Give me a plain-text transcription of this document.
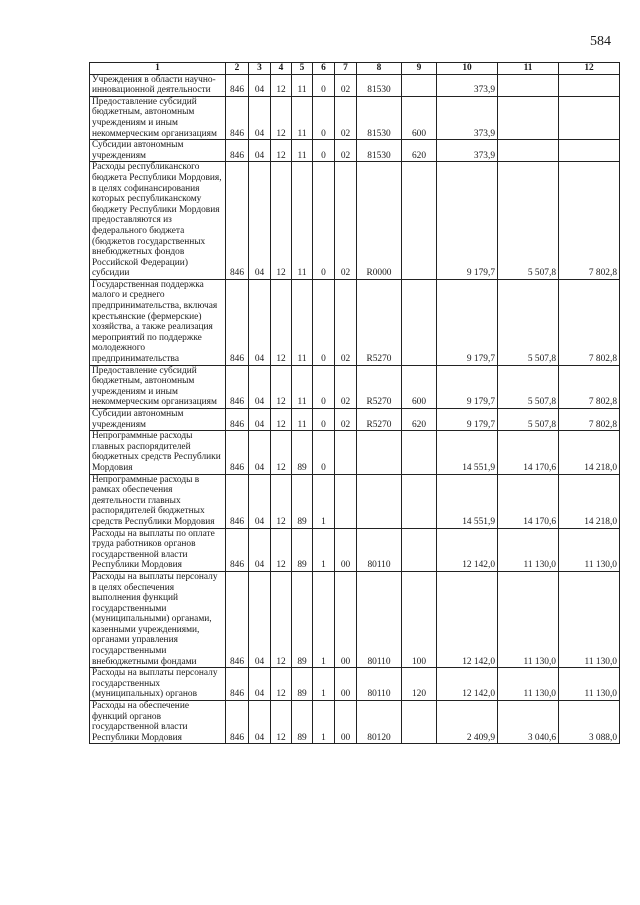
584
1	2	3	4	5	6	7	8	9	10	11	12
Учреждения в области научно-инновационной деятельности	846	04	12	11	0	02	81530		373,9		
Предоставление субсидий бюджетным, автономным учреждениям и иным некоммерческим организациям	846	04	12	11	0	02	81530	600	373,9		
Субсидии автономным учреждениям	846	04	12	11	0	02	81530	620	373,9		
Расходы республиканского бюджета Республики Мордовия, в целях софинансирования которых республиканскому бюджету Республики Мордовия предоставляются из федерального бюджета (бюджетов государственных внебюджетных фондов Российской Федерации) субсидии	846	04	12	11	0	02	R0000		9 179,7	5 507,8	7 802,8
Государственная поддержка малого и среднего предпринимательства, включая крестьянские (фермерские) хозяйства, а также реализация мероприятий по поддержке молодежного предпринимательства	846	04	12	11	0	02	R5270		9 179,7	5 507,8	7 802,8
Предоставление субсидий бюджетным, автономным учреждениям и иным некоммерческим организациям	846	04	12	11	0	02	R5270	600	9 179,7	5 507,8	7 802,8
Субсидии автономным учреждениям	846	04	12	11	0	02	R5270	620	9 179,7	5 507,8	7 802,8
Непрограммные расходы главных распорядителей бюджетных средств Республики Мордовия	846	04	12	89	0				14 551,9	14 170,6	14 218,0
Непрограммные расходы в рамках обеспечения деятельности главных распорядителей бюджетных средств Республики Мордовия	846	04	12	89	1				14 551,9	14 170,6	14 218,0
Расходы на выплаты по оплате труда работников органов государственной власти Республики Мордовия	846	04	12	89	1	00	80110		12 142,0	11 130,0	11 130,0
Расходы на выплаты персоналу в целях обеспечения выполнения функций государственными (муниципальными) органами, казенными учреждениями, органами управления государственными внебюджетными фондами	846	04	12	89	1	00	80110	100	12 142,0	11 130,0	11 130,0
Расходы на выплаты персоналу государственных (муниципальных) органов	846	04	12	89	1	00	80110	120	12 142,0	11 130,0	11 130,0
Расходы на обеспечение функций органов государственной власти Республики Мордовия	846	04	12	89	1	00	80120		2 409,9	3 040,6	3 088,0
